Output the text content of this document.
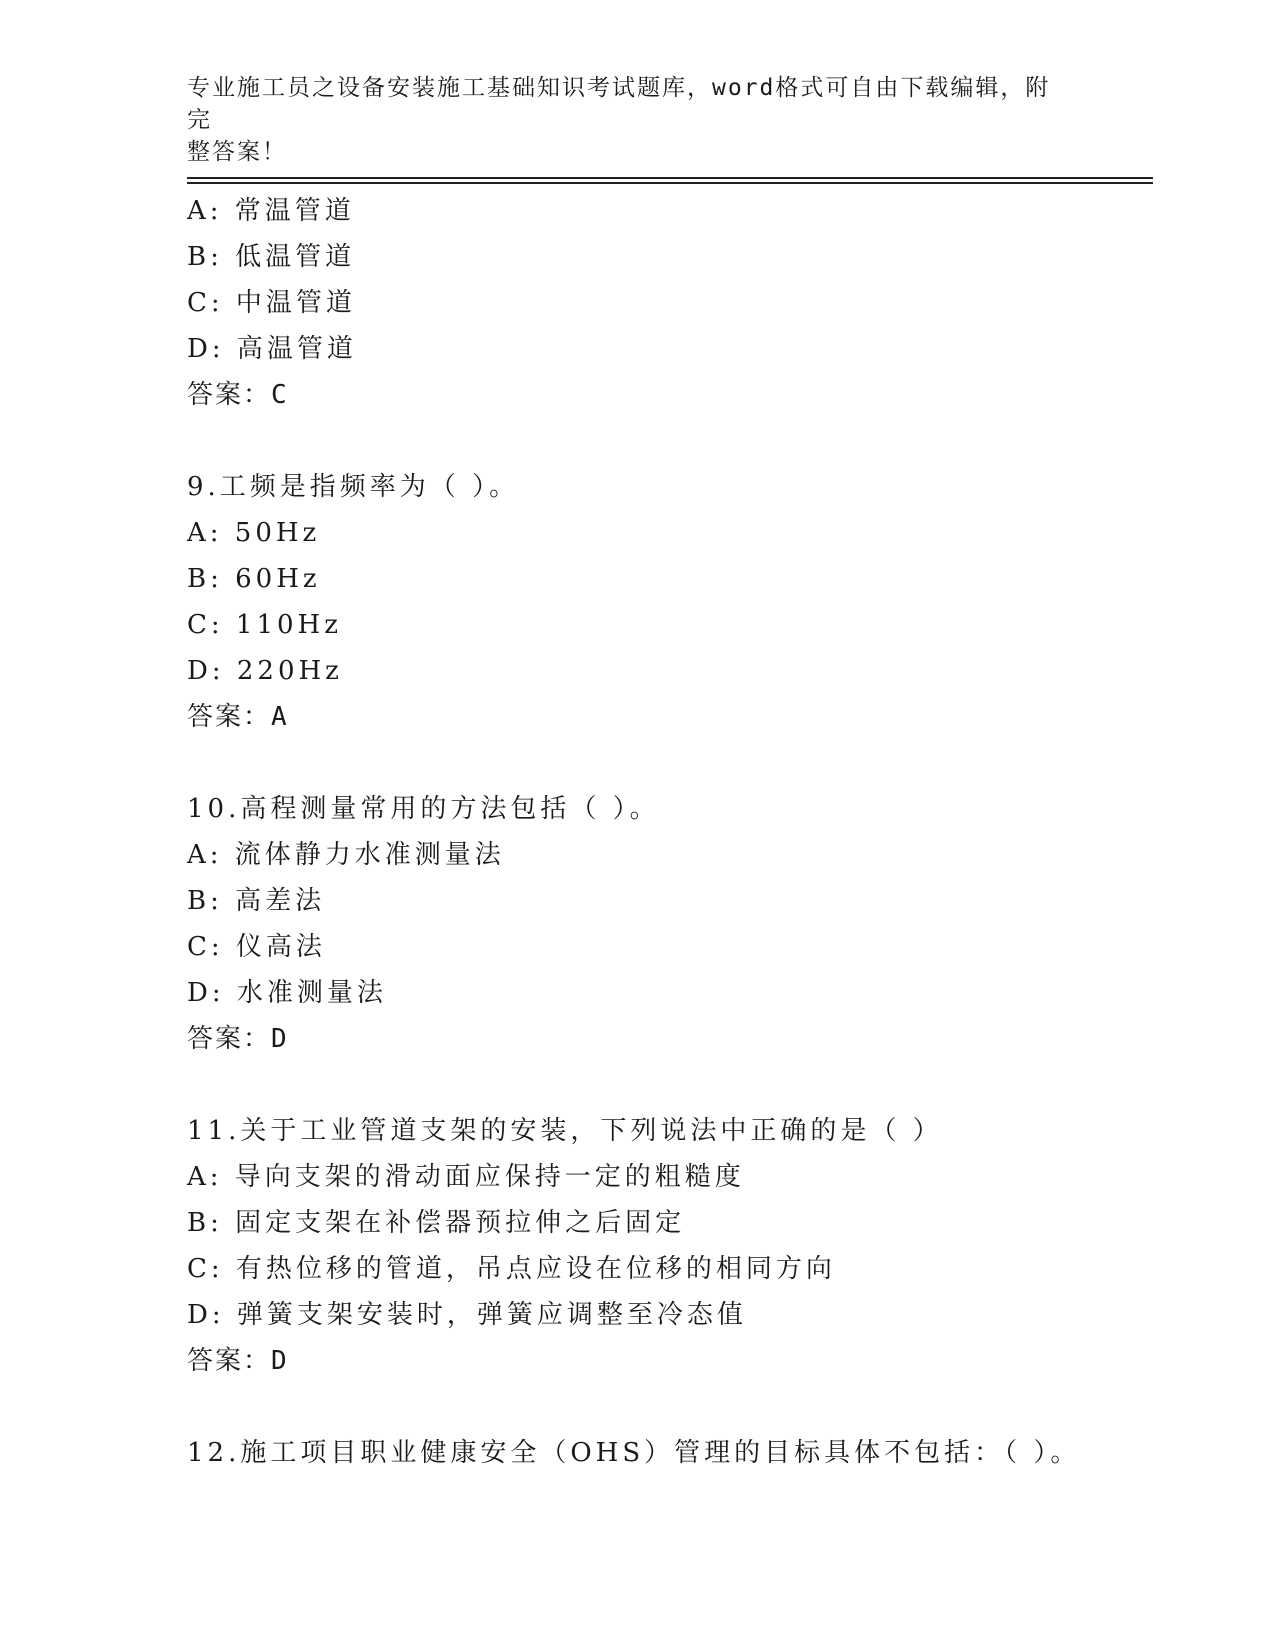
专业施工员之设备安装施工基础知识考试题库，word格式可自由下载编辑，附完
整答案！
A: 常温管道
B: 低温管道
C: 中温管道
D: 高温管道
答案：C
9.工频是指频率为（ ）。
A: 50Hz
B: 60Hz
C: 110Hz
D: 220Hz
答案：A
10.高程测量常用的方法包括（ ）。
A: 流体静力水准测量法
B: 高差法
C: 仪高法
D: 水准测量法
答案：D
11.关于工业管道支架的安装，下列说法中正确的是（ ）
A: 导向支架的滑动面应保持一定的粗糙度
B: 固定支架在补偿器预拉伸之后固定
C: 有热位移的管道，吊点应设在位移的相同方向
D: 弹簧支架安装时，弹簧应调整至冷态值
答案：D
12.施工项目职业健康安全（OHS）管理的目标具体不包括：（ ）。
